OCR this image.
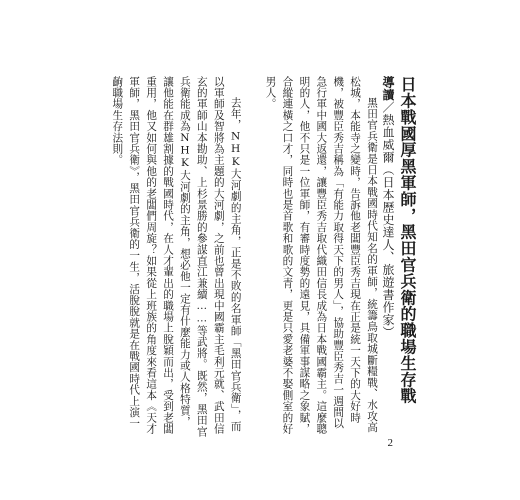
導讀／熱血威爾（日本歷史達人、旅遊書作家） 日本戰國厚黑軍師，黑田官兵衛的職場生存戰

黑田官兵衛是日本戰國時代知名的軍師，統籌鳥取城斷糧戰、水攻高松城，本能寺之變時，告訴他老闆豐臣秀吉現在正是統一天下的大好時機，被豐臣秀吉稱為「有能力取得天下的男人」，協助豐臣秀吉一週間以急行軍中國大返還，讓豐臣秀吉取代織田信長成為日本戰國霸主。這麼聰明的人，他不只是一位軍師，有審時度勢的遠見，具備軍事謀略之象賦，合縱連橫之口才，同時也是首歌和歌的文青，更是只愛老婆不娶側室的好男人。

去年，NHK大河劇的主角，正是不敗的名軍師「黑田官兵衛」，而以軍師及智將為主題的大河劇，之前也曾出現中國霸主毛利元就、武田信玄的軍師山本勘助、上杉景勝的參謀直江兼續……等武將。既然，黑田官兵衛能成為NHK大河劇的主角，想必他一定有什麼能力或人格特質，讓他能在群雄割據的戰國時代，在人才輩出的職場上脫穎而出，受到老闆重用，他又如何與他的老闆們周旋？如果從上班族的角度來看這本《天才軍師，黑田官兵衛》，黑田官兵衛的一生，活脫脫就是在戰國時代上演一齣職場生存法則。

2
